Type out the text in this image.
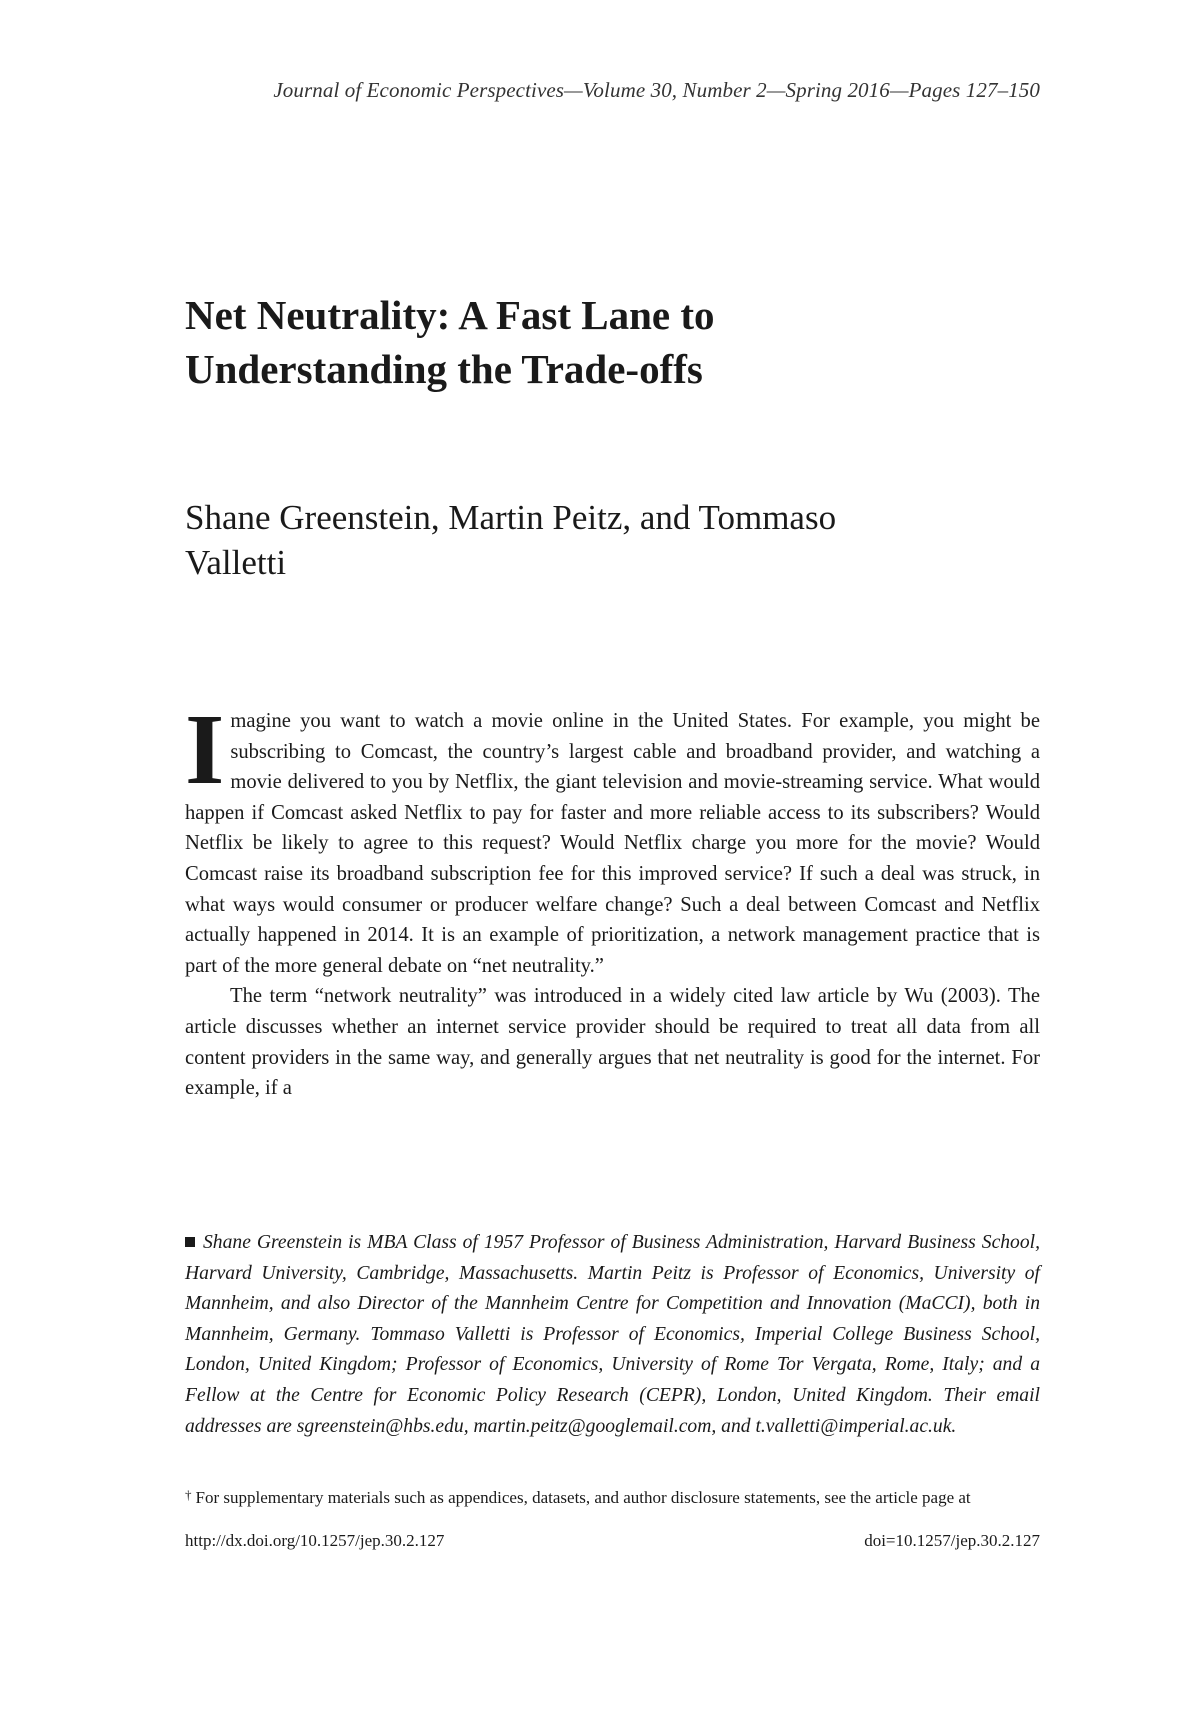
Journal of Economic Perspectives—Volume 30, Number 2—Spring 2016—Pages 127–150
Net Neutrality: A Fast Lane to
Understanding the Trade-offs
Shane Greenstein, Martin Peitz, and Tommaso
Valletti

Imagine you want to watch a movie online in the United States. For example, you might be subscribing to Comcast, the country’s largest cable and broadband provider, and watching a movie delivered to you by Netflix, the giant television and movie-streaming service. What would happen if Comcast asked Netflix to pay for faster and more reliable access to its subscribers? Would Netflix be likely to agree to this request? Would Netflix charge you more for the movie? Would Comcast raise its broadband subscription fee for this improved service? If such a deal was struck, in what ways would consumer or producer welfare change? Such a deal between Comcast and Netflix actually happened in 2014. It is an example of prioritization, a network management practice that is part of the more general debate on “net neutrality.”

The term “network neutrality” was introduced in a widely cited law article by Wu (2003). The article discusses whether an internet service provider should be required to treat all data from all content providers in the same way, and generally argues that net neutrality is good for the internet. For example, if a

Shane Greenstein is MBA Class of 1957 Professor of Business Administration, Harvard Business School, Harvard University, Cambridge, Massachusetts. Martin Peitz is Professor of Economics, University of Mannheim, and also Director of the Mannheim Centre for Competition and Innovation (MaCCI), both in Mannheim, Germany. Tommaso Valletti is Professor of Economics, Imperial College Business School, London, United Kingdom; Professor of Economics, University of Rome Tor Vergata, Rome, Italy; and a Fellow at the Centre for Economic Policy Research (CEPR), London, United Kingdom. Their email addresses are sgreenstein@hbs.edu, martin.peitz@googlemail.com, and t.valletti@imperial.ac.uk.
† For supplementary materials such as appendices, datasets, and author disclosure statements, see the article page at
http://dx.doi.org/10.1257/jep.30.2.127	doi=10.1257/jep.30.2.127
